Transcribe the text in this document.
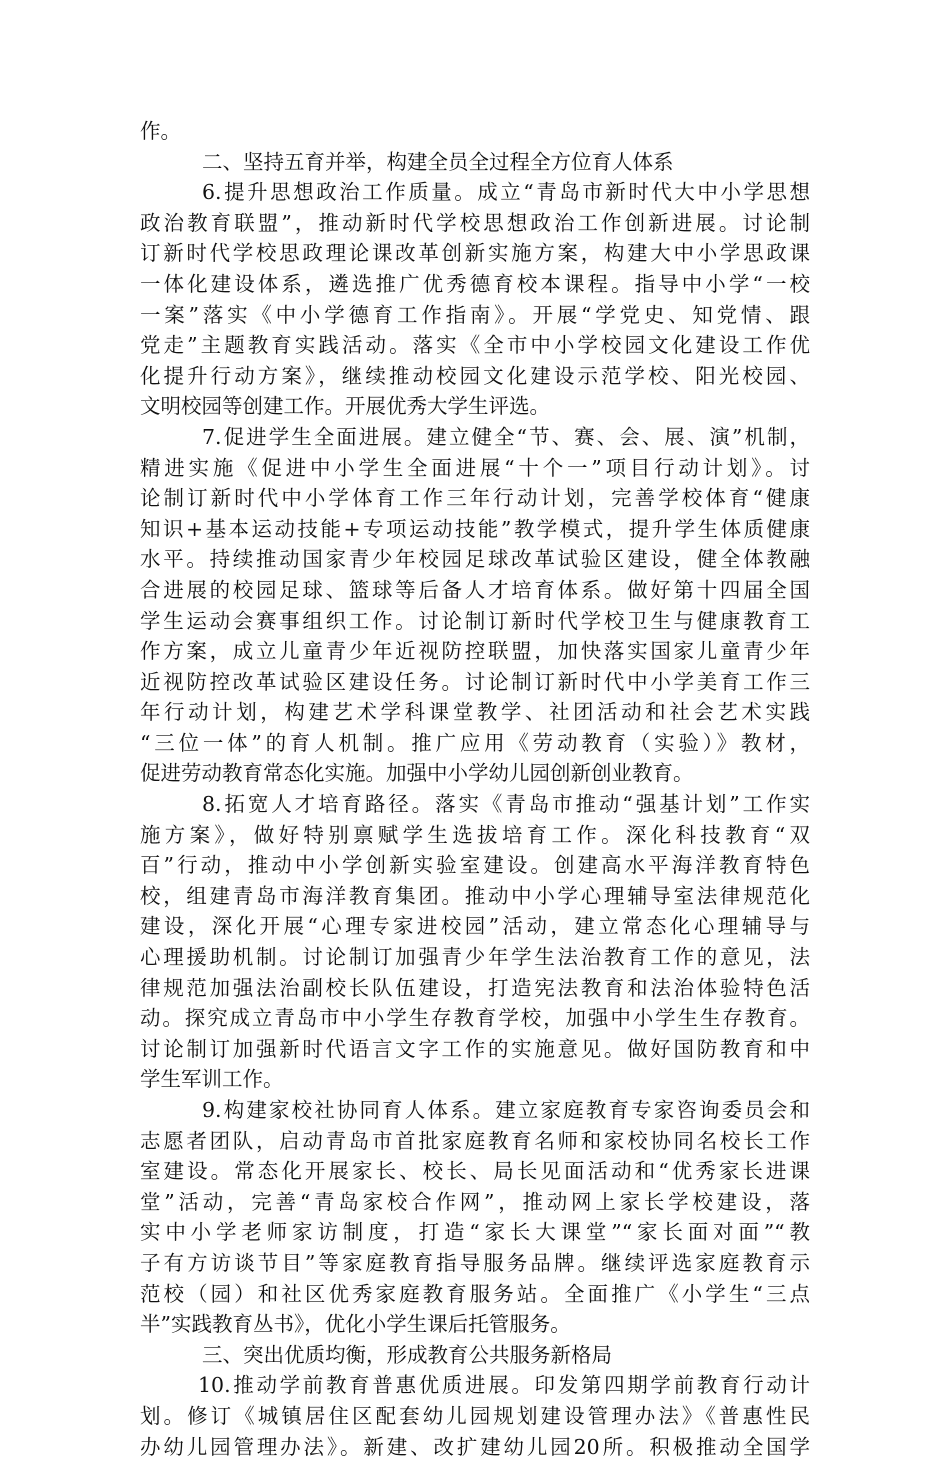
作。
二、坚持五育并举，构建全员全过程全方位育人体系
6.提升思想政治工作质量。成立“青岛市新时代大中小学思想
政治教育联盟”，推动新时代学校思想政治工作创新进展。讨论制
订新时代学校思政理论课改革创新实施方案，构建大中小学思政课
一体化建设体系，遴选推广优秀德育校本课程。指导中小学“一校
一案”落实《中小学德育工作指南》。开展“学党史、知党情、跟
党走”主题教育实践活动。落实《全市中小学校园文化建设工作优
化提升行动方案》，继续推动校园文化建设示范学校、阳光校园、
文明校园等创建工作。开展优秀大学生评选。
7.促进学生全面进展。建立健全“节、赛、会、展、演”机制，
精进实施《促进中小学生全面进展“十个一”项目行动计划》。讨
论制订新时代中小学体育工作三年行动计划，完善学校体育“健康
知识+基本运动技能+专项运动技能”教学模式，提升学生体质健康
水平。持续推动国家青少年校园足球改革试验区建设，健全体教融
合进展的校园足球、篮球等后备人才培育体系。做好第十四届全国
学生运动会赛事组织工作。讨论制订新时代学校卫生与健康教育工
作方案，成立儿童青少年近视防控联盟，加快落实国家儿童青少年
近视防控改革试验区建设任务。讨论制订新时代中小学美育工作三
年行动计划，构建艺术学科课堂教学、社团活动和社会艺术实践
“三位一体”的育人机制。推广应用《劳动教育（实验）》教材，
促进劳动教育常态化实施。加强中小学幼儿园创新创业教育。
8.拓宽人才培育路径。落实《青岛市推动“强基计划”工作实
施方案》，做好特别禀赋学生选拔培育工作。深化科技教育“双
百”行动，推动中小学创新实验室建设。创建高水平海洋教育特色
校，组建青岛市海洋教育集团。推动中小学心理辅导室法律规范化
建设，深化开展“心理专家进校园”活动，建立常态化心理辅导与
心理援助机制。讨论制订加强青少年学生法治教育工作的意见，法
律规范加强法治副校长队伍建设，打造宪法教育和法治体验特色活
动。探究成立青岛市中小学生存教育学校，加强中小学生生存教育。
讨论制订加强新时代语言文字工作的实施意见。做好国防教育和中
学生军训工作。
9.构建家校社协同育人体系。建立家庭教育专家咨询委员会和
志愿者团队，启动青岛市首批家庭教育名师和家校协同名校长工作
室建设。常态化开展家长、校长、局长见面活动和“优秀家长进课
堂”活动，完善“青岛家校合作网”，推动网上家长学校建设，落
实中小学老师家访制度，打造“家长大课堂”“家长面对面”“教
子有方访谈节目”等家庭教育指导服务品牌。继续评选家庭教育示
范校（园）和社区优秀家庭教育服务站。全面推广《小学生“三点
半”实践教育丛书》，优化小学生课后托管服务。
三、突出优质均衡，形成教育公共服务新格局
10.推动学前教育普惠优质进展。印发第四期学前教育行动计
划。修订《城镇居住区配套幼儿园规划建设管理办法》《普惠性民
办幼儿园管理办法》。新建、改扩建幼儿园20所。积极推动全国学
